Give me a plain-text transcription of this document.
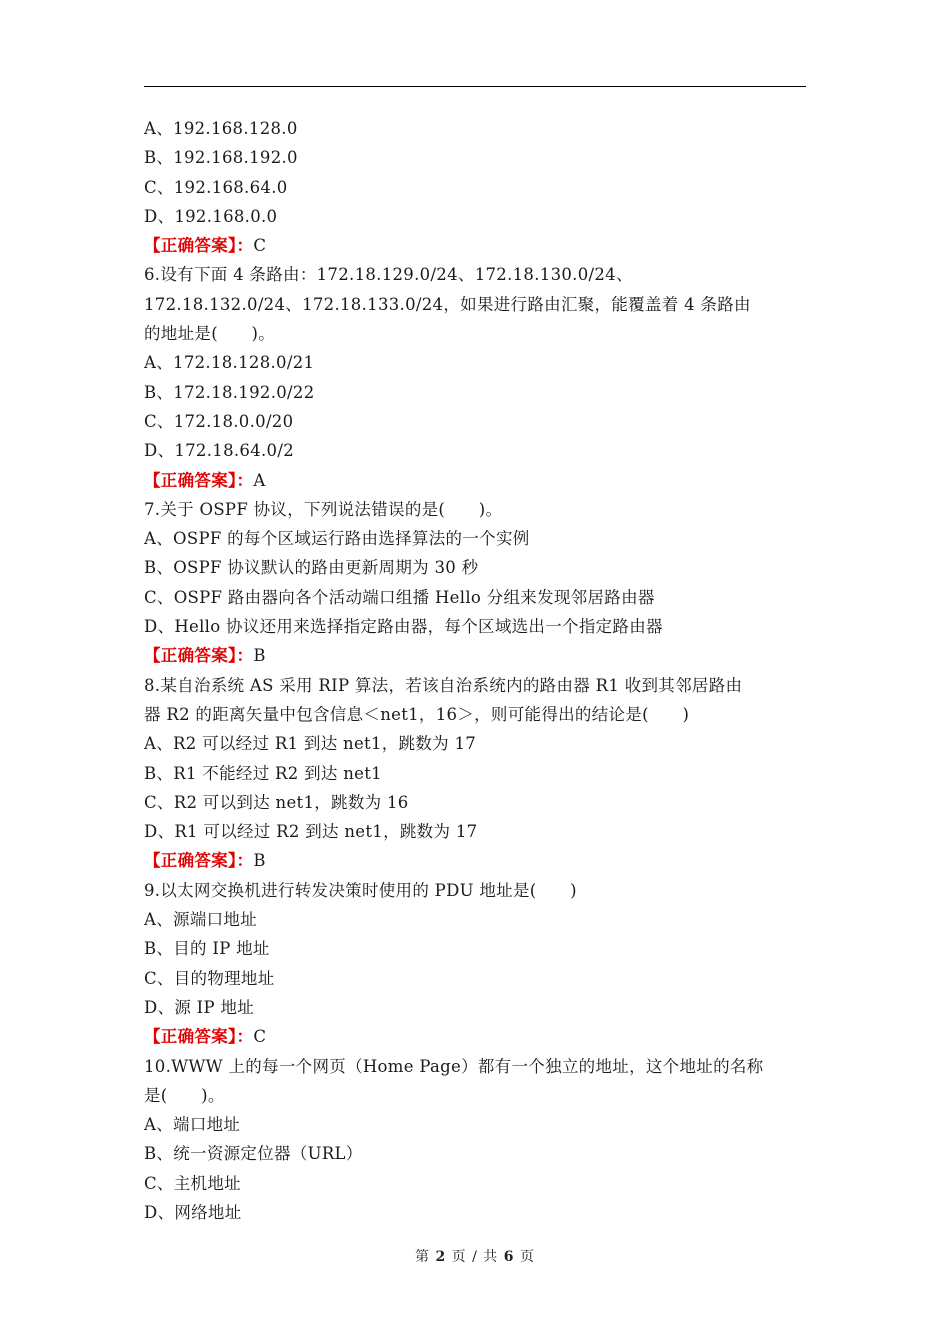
A、192.168.128.0
B、192.168.192.0
C、192.168.64.0
D、192.168.0.0
【正确答案】：C
6.设有下面 4 条路由：172.18.129.0/24、172.18.130.0/24、
172.18.132.0/24、172.18.133.0/24，如果进行路由汇聚，能覆盖着 4 条路由
的地址是(　　)。
A、172.18.128.0/21
B、172.18.192.0/22
C、172.18.0.0/20
D、172.18.64.0/2
【正确答案】：A
7.关于 OSPF 协议，下列说法错误的是(　　)。
A、OSPF 的每个区域运行路由选择算法的一个实例
B、OSPF 协议默认的路由更新周期为 30 秒
C、OSPF 路由器向各个活动端口组播 Hello 分组来发现邻居路由器
D、Hello 协议还用来选择指定路由器，每个区域选出一个指定路由器
【正确答案】：B
8.某自治系统 AS 采用 RIP 算法，若该自治系统内的路由器 R1 收到其邻居路由
器 R2 的距离矢量中包含信息＜net1，16＞，则可能得出的结论是(　　)
A、R2 可以经过 R1 到达 net1，跳数为 17
B、R1 不能经过 R2 到达 net1
C、R2 可以到达 net1，跳数为 16
D、R1 可以经过 R2 到达 net1，跳数为 17
【正确答案】：B
9.以太网交换机进行转发决策时使用的 PDU 地址是(　　)
A、源端口地址
B、目的 IP 地址
C、目的物理地址
D、源 IP 地址
【正确答案】：C
10.WWW 上的每一个网页（Home Page）都有一个独立的地址，这个地址的名称
是(　　)。
A、端口地址
B、统一资源定位器（URL）
C、主机地址
D、网络地址
第 2 页 / 共 6 页
